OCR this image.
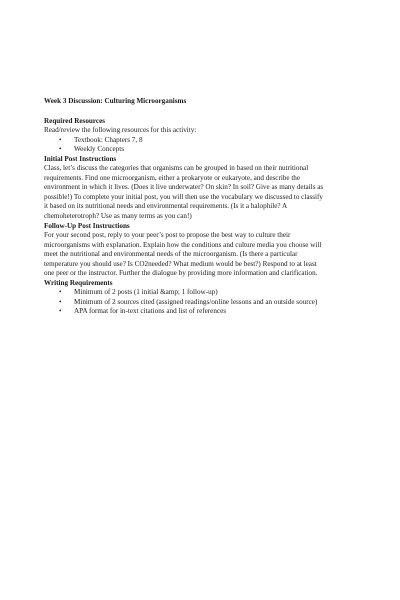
Week 3 Discussion: Culturing Microorganisms

Required Resources

Read/review the following resources for this activity:

• Textbook: Chapters 7, 8
• Weekly Concepts

Initial Post Instructions

Class, let’s discuss the categories that organisms can be grouped in based on their nutritional
requirements. Find one microorganism, either a prokaryote or eukaryote, and describe the
environment in which it lives. (Does it live underwater? On skin? In soil? Give as many details as
possible!) To complete your initial post, you will then use the vocabulary we discussed to classify
it based on its nutritional needs and environmental requirements. (Is it a halophile? A
chemoheterotroph? Use as many terms as you can!)

Follow-Up Post Instructions

For your second post, reply to your peer’s post to propose the best way to culture their
microorganisms with explanation. Explain how the conditions and culture media you choose will
meet the nutritional and environmental needs of the microorganism. (Is there a particular
temperature you should use? Is CO2needed? What medium would be best?) Respond to at least
one peer or the instructor. Further the dialogue by providing more information and clarification.

Writing Requirements

• Minimum of 2 posts (1 initial &amp; 1 follow-up)
• Minimum of 2 sources cited (assigned readings/online lessons and an outside source)
• APA format for in-text citations and list of references
